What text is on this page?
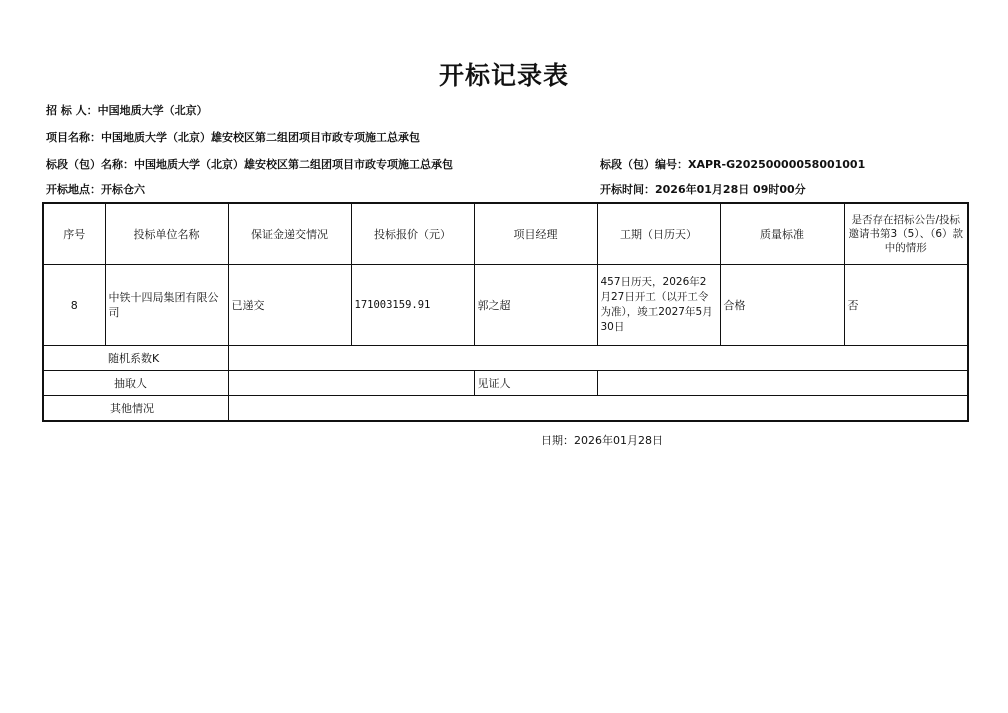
开标记录表
招 标 人：中国地质大学（北京）
项目名称：中国地质大学（北京）雄安校区第二组团项目市政专项施工总承包
标段（包）名称：中国地质大学（北京）雄安校区第二组团项目市政专项施工总承包	标段（包）编号：XAPR-G20250000058001001
开标地点：开标仓六	开标时间：2026年01月28日 09时00分
序号	投标单位名称	保证金递交情况	投标报价（元）	项目经理	工期（日历天）	质量标准	是否存在招标公告/投标邀请书第3（5）、（6）款中的情形
8	中铁十四局集团有限公司	已递交	171003159.91	郭之超	457日历天，2026年2月27日开工（以开工令为准），竣工2027年5月30日	合格	否
随机系数K							
抽取人				见证人			
其他情况							
日期：2026年01月28日
